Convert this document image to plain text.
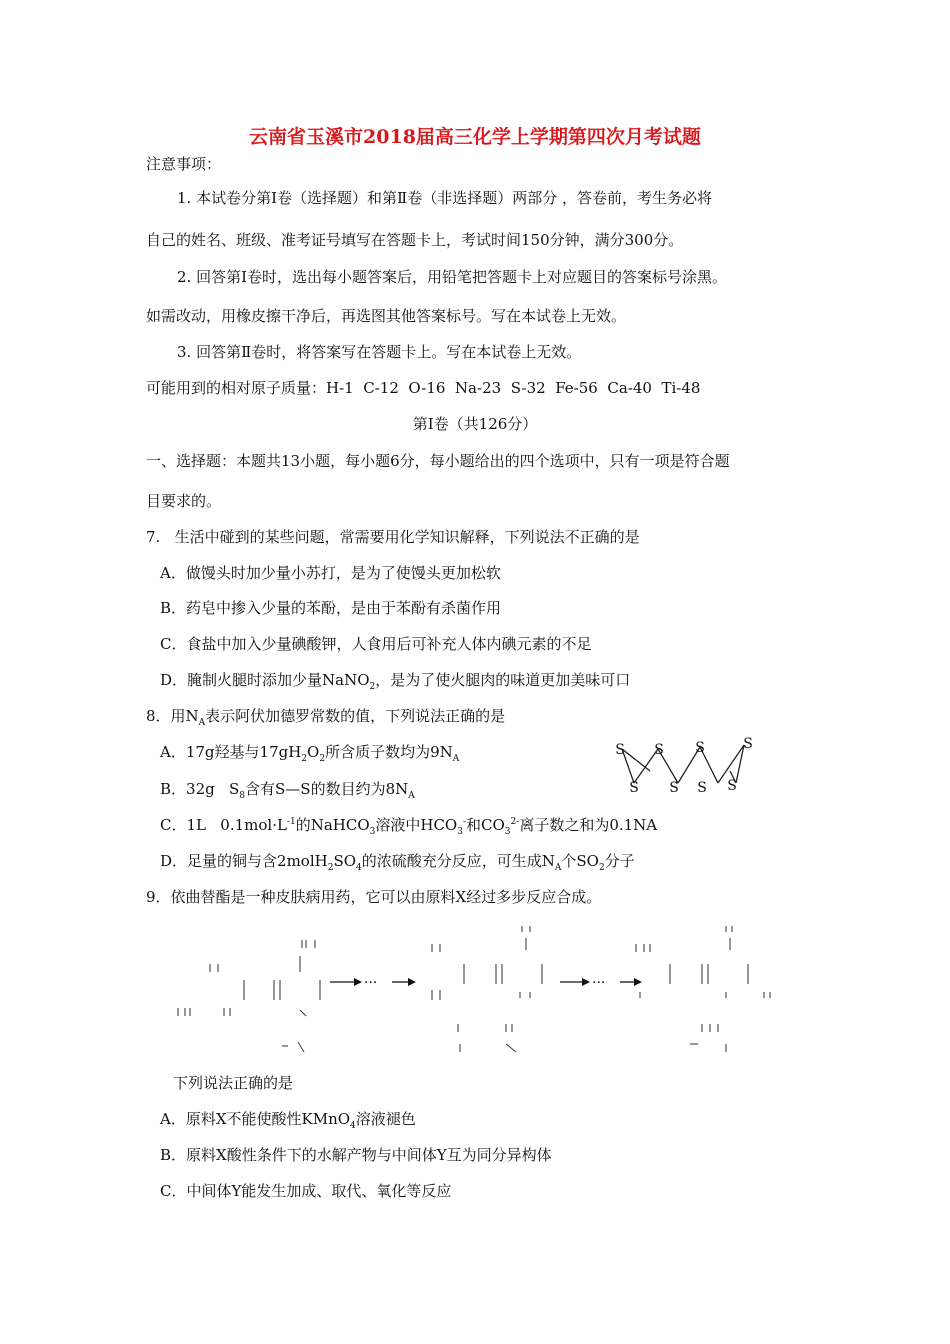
云南省玉溪市2018届高三化学上学期第四次月考试题
注意事项：
1. 本试卷分第Ⅰ卷（选择题）和第Ⅱ卷（非选择题）两部分 ，答卷前，考生务必将
自己的姓名、班级、准考证号填写在答题卡上，考试时间150分钟，满分300分。
2. 回答第Ⅰ卷时，选出每小题答案后，用铅笔把答题卡上对应题目的答案标号涂黑。
如需改动，用橡皮擦干净后，再选图其他答案标号。写在本试卷上无效。
3. 回答第Ⅱ卷时，将答案写在答题卡上。写在本试卷上无效。
可能用到的相对原子质量：H-1  C-12  O-16  Na-23  S-32  Fe-56  Ca-40  Ti-48
第Ⅰ卷（共126分）
一、选择题：本题共13小题，每小题6分，每小题给出的四个选项中，只有一项是符合题
目要求的。
7.   生活中碰到的某些问题，常需要用化学知识解释，下列说法不正确的是
A．做馒头时加少量小苏打，是为了使馒头更加松软
B．药皂中掺入少量的苯酚，是由于苯酚有杀菌作用
C．食盐中加入少量碘酸钾，人食用后可补充人体内碘元素的不足
D．腌制火腿时添加少量NaNO$_2$，是为了使火腿肉的味道更加美味可口
8．用$N_A$表示阿伏加德罗常数的值，下列说法正确的是
A．17g羟基与$17gH_2O_2$所含质子数均为$9N_A$
B．32g   $S_8$含有S—S的数目约为$8N_A$
C．1L   $0.1mol\cdot L^{-1}$的NaHCO$_3$溶液中$HCO_3^-$和$CO_3^{2-}$离子数之和为0.1NA
D．足量的铜与含$2molH_2SO_4$的浓硫酸充分反应，可生成$N_A$个$SO_2$分子
S
S
S
S
S
S
S
S
9．依曲替酯是一种皮肤病用药，它可以由原料X经过多步反应合成。
···	···
下列说法正确的是
A．原料X不能使酸性KMnO$_4$溶液褪色
B．原料X酸性条件下的水解产物与中间体Y互为同分异构体
C．中间体Y能发生加成、取代、氧化等反应
